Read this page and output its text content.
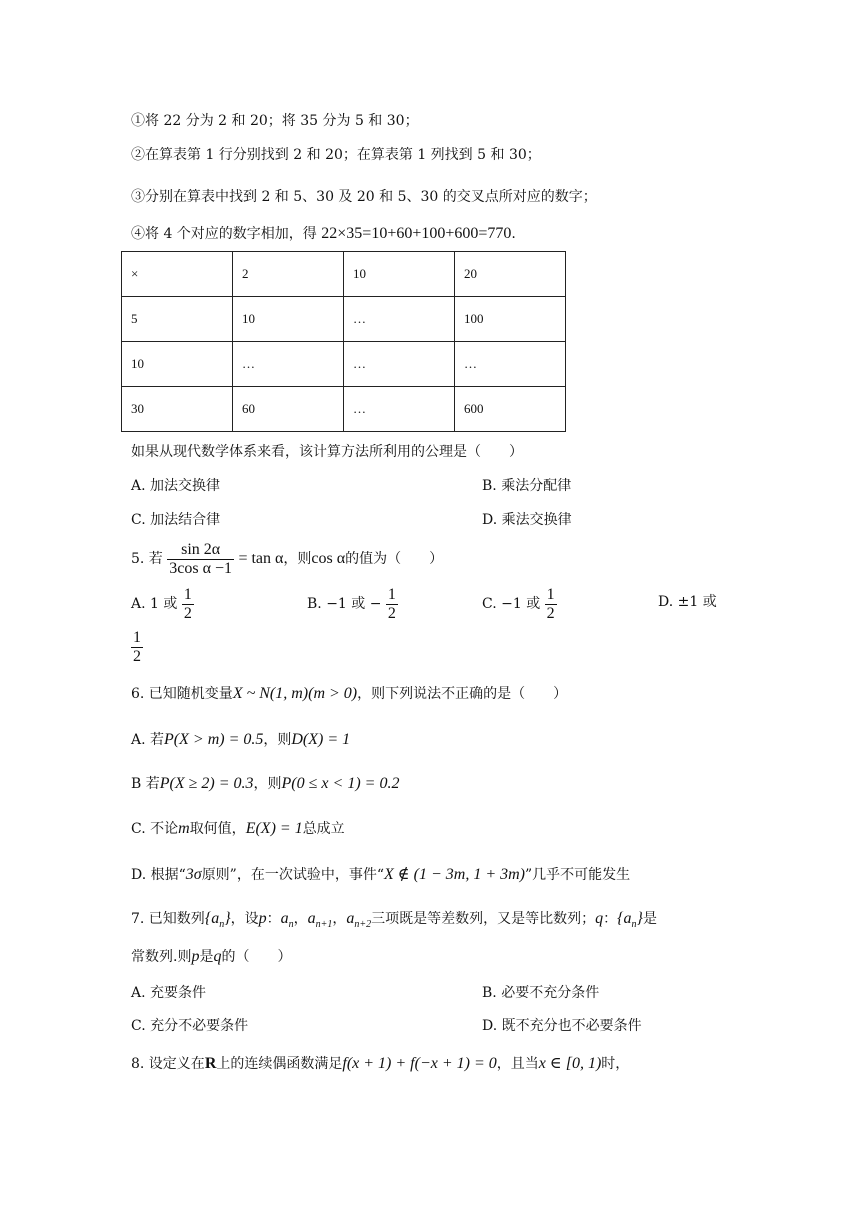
①将 22 分为 2 和 20；将 35 分为 5 和 30；
②在算表第 1 行分别找到 2 和 20；在算表第 1 列找到 5 和 30；
③分别在算表中找到 2 和 5、30 及 20 和 5、30 的交叉点所对应的数字；
④将 4 个对应的数字相加，得 22×35=10+60+100+600=770.
×	2	10	20
5	10	…	100
10	…	…	…
30	60	…	600
如果从现代数学体系来看，该计算方法所利用的公理是（　　）
A. 加法交换律	B. 乘法分配律
C. 加法结合律	D. 乘法交换律
5. 若 $\frac{\sin 2\alpha}{\text{3cos α −1}} = \tan \alpha$，则cos α的值为（　　）
A. 1 或 $\frac{1}{2}$	B. −1 或 − $\frac{1}{2}$	C. −1 或 $\frac{1}{2}$	D. ±1 或
$\frac{1}{2}$
6. 已知随机变量X ~ N(1, m)(m > 0)，则下列说法不正确的是（　　）
A. 若P(X > m) = 0.5，则D(X) = 1
B 若P(X ≥ 2) = 0.3，则P(0 ≤ x < 1) = 0.2
C. 不论m取何值，E(X) = 1总成立
D. 根据“3σ原则”，在一次试验中，事件“X ∉ (1 − 3m, 1 + 3m)”几乎不可能发生
7. 已知数列$\{a_n\}$，设p：$a_n$，$a_{n+1}$，$a_{n+2}$三项既是等差数列，又是等比数列；q：$\{a_n\}$是
常数列.则p是q的（　　）
A. 充要条件	B. 必要不充分条件
C. 充分不必要条件	D. 既不充分也不必要条件
8. 设定义在R上的连续偶函数满足f(x + 1) + f(−x + 1) = 0，且当x ∈ [0, 1)时，
